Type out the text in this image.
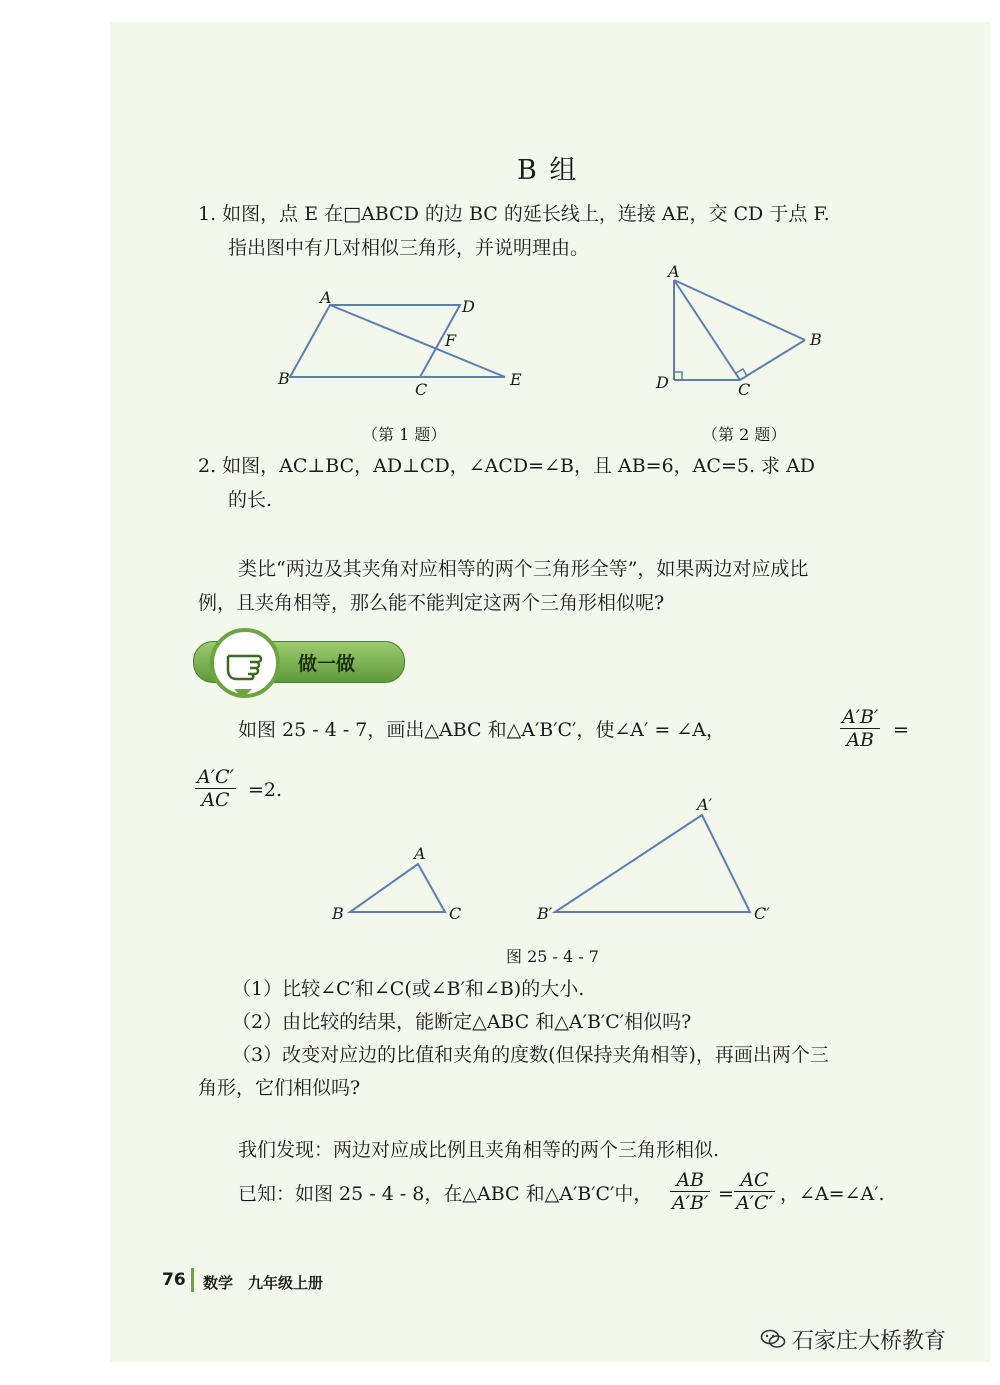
B 组
1. 如图，点 E 在□ABCD 的边 BC 的延长线上，连接 AE，交 CD 于点 F.
指出图中有几对相似三角形，并说明理由。
A	D
F
B
C
E
（第 1 题）
A
B
D	C
（第 2 题）
2. 如图，AC⊥BC，AD⊥CD，∠ACD=∠B，且 AB=6，AC=5. 求 AD
的长.
类比“两边及其夹角对应相等的两个三角形全等”，如果两边对应成比
例，且夹角相等，那么能不能判定这两个三角形相似呢?
做一做
如图 25 - 4 - 7，画出△ABC 和△A′B′C′，使∠A′ = ∠A，	$\frac{A'B'}{AB}$ =
$\frac{A'C'}{AC} =2$.
A
B	C
A′
B′	C′
图 25 - 4 - 7
（1）比较∠C′和∠C(或∠B′和∠B)的大小.
（2）由比较的结果，能断定△ABC 和△A′B′C′相似吗?
（3）改变对应边的比值和夹角的度数(但保持夹角相等)，再画出两个三
角形，它们相似吗?
我们发现：两边对应成比例且夹角相等的两个三角形相似.
已知：如图 25 - 4 - 8，在△ABC 和△A′B′C′中， $\frac{AB}{A'B'} = \frac{AC}{A'C'}$ ，∠A=∠A′.
76 数学　九年级上册
石家庄大桥教育
